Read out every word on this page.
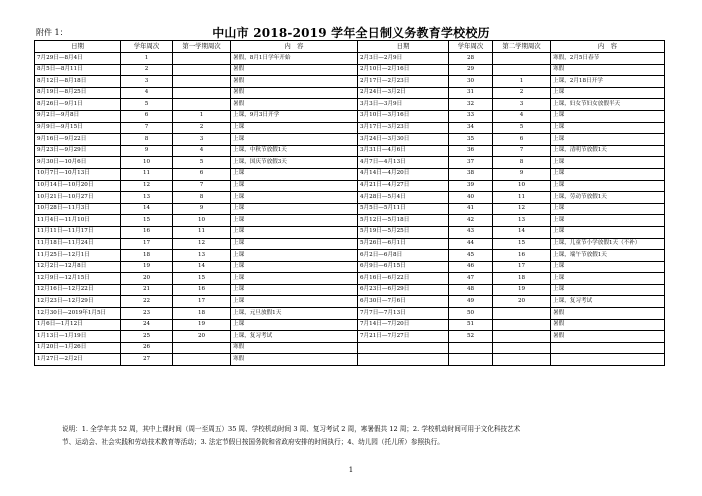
附件 1：	中山市 2018-2019 学年全日制义务教育学校校历
日期	学年周次	第一学期周次	内　容	日期	学年周次	第二学期周次	内　容
7月29日—8月4日	1		暑假，8月1日学年开始	2月3日—2月9日	28		寒假，2月5日春节
8月5日—8月11日	2		暑假	2月10日—2月16日	29		寒假
8月12日—8月18日	3		暑假	2月17日—2月23日	30	1	上课，2月18日开学
8月19日—8月25日	4		暑假	2月24日—3月2日	31	2	上课
8月26日—9月1日	5		暑假	3月3日—3月9日	32	3	上课，妇女节妇女放假半天
9月2日—9月8日	6	1	上课，9月3日开学	3月10日—3月16日	33	4	上课
9月9日—9月15日	7	2	上课	3月17日—3月23日	34	5	上课
9月16日—9月22日	8	3	上课	3月24日—3月30日	35	6	上课
9月23日—9月29日	9	4	上课，中秋节放假1天	3月31日—4月6日	36	7	上课，清明节放假1天
9月30日—10月6日	10	5	上课，国庆节放假3天	4月7日—4月13日	37	8	上课
10月7日—10月13日	11	6	上课	4月14日—4月20日	38	9	上课
10月14日—10月20日	12	7	上课	4月21日—4月27日	39	10	上课
10月21日—10月27日	13	8	上课	4月28日—5月4日	40	11	上课，劳动节放假1天
10月28日—11月3日	14	9	上课	5月5日—5月11日	41	12	上课
11月4日—11月10日	15	10	上课	5月12日—5月18日	42	13	上课
11月11日—11月17日	16	11	上课	5月19日—5月25日	43	14	上课
11月18日—11月24日	17	12	上课	5月26日—6月1日	44	15	上课，儿童节小学放假1天（不补）
11月25日—12月1日	18	13	上课	6月2日—6月8日	45	16	上课，端午节放假1天
12月2日—12月8日	19	14	上课	6月9日—6月15日	46	17	上课
12月9日—12月15日	20	15	上课	6月16日—6月22日	47	18	上课
12月16日—12月22日	21	16	上课	6月23日—6月29日	48	19	上课
12月23日—12月29日	22	17	上课	6月30日—7月6日	49	20	上课，复习考试
12月30日—2019年1月5日	23	18	上课，元旦放假1天	7月7日—7月13日	50		暑假
1月6日—1月12日	24	19	上课	7月14日—7月20日	51		暑假
1月13日—1月19日	25	20	上课，复习考试	7月21日—7月27日	52		暑假
1月20日—1月26日	26		寒假				
1月27日—2月2日	27		寒假				
说明：1. 全学年共 52 周，其中上课时间（周一至周五）35 周、学校机动时间 3 周、复习考试 2 周，寒暑假共 12 周；2. 学校机动时间可用于文化科技艺术
节、运动会、社会实践和劳动技术教育等活动；3. 法定节假日按国务院和省政府安排的时间执行；4、幼儿园（托儿所）参照执行。
1
